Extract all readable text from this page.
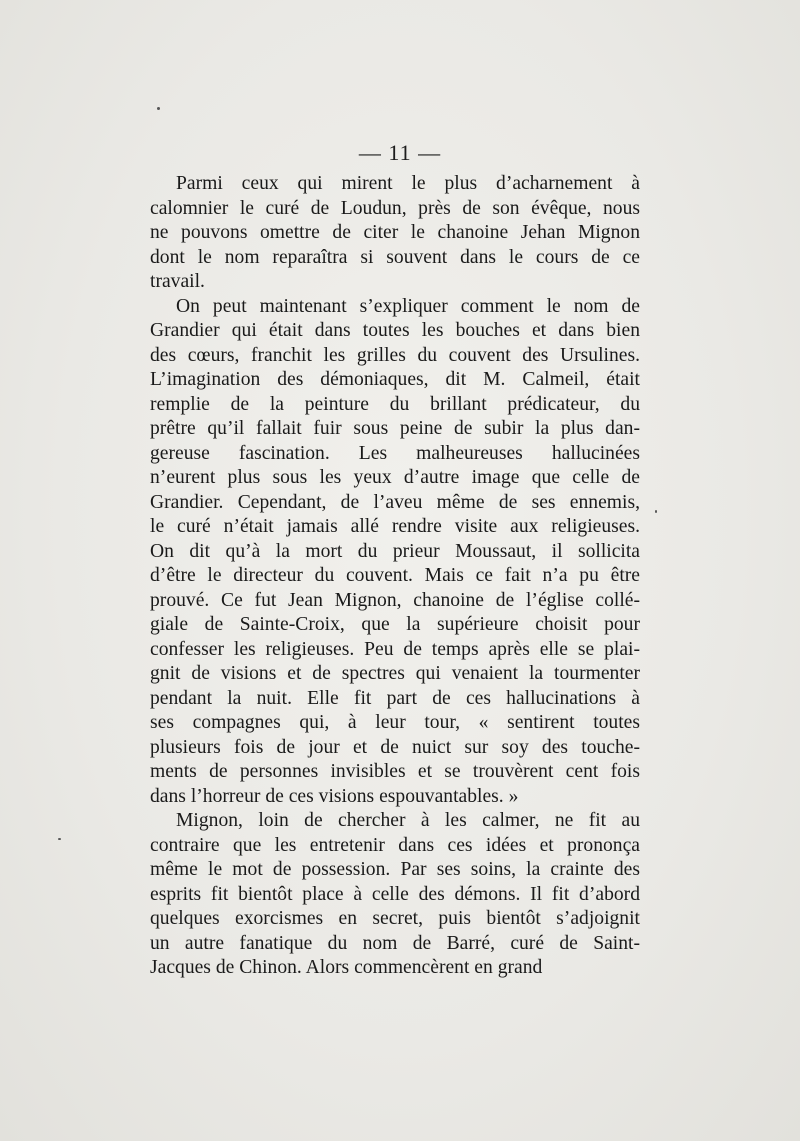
— 11 —
Parmi ceux qui mirent le plus d’acharnement à
calomnier le curé de Loudun, près de son évêque, nous
ne pouvons omettre de citer le chanoine Jehan Mignon
dont le nom reparaîtra si souvent dans le cours de ce
travail.
On peut maintenant s’expliquer comment le nom de
Grandier qui était dans toutes les bouches et dans bien
des cœurs, franchit les grilles du couvent des Ursulines.
L’imagination des démoniaques, dit M. Calmeil, était
remplie de la peinture du brillant prédicateur, du
prêtre qu’il fallait fuir sous peine de subir la plus dan-
gereuse fascination. Les malheureuses hallucinées
n’eurent plus sous les yeux d’autre image que celle de
Grandier. Cependant, de l’aveu même de ses ennemis,
le curé n’était jamais allé rendre visite aux religieuses.
On dit qu’à la mort du prieur Moussaut, il sollicita
d’être le directeur du couvent. Mais ce fait n’a pu être
prouvé. Ce fut Jean Mignon, chanoine de l’église collé-
giale de Sainte-Croix, que la supérieure choisit pour
confesser les religieuses. Peu de temps après elle se plai-
gnit de visions et de spectres qui venaient la tourmenter
pendant la nuit. Elle fit part de ces hallucinations à
ses compagnes qui, à leur tour, « sentirent toutes
plusieurs fois de jour et de nuict sur soy des touche-
ments de personnes invisibles et se trouvèrent cent fois
dans l’horreur de ces visions espouvantables. »
Mignon, loin de chercher à les calmer, ne fit au
contraire que les entretenir dans ces idées et prononça
même le mot de possession. Par ses soins, la crainte des
esprits fit bientôt place à celle des démons. Il fit d’abord
quelques exorcismes en secret, puis bientôt s’adjoignit
un autre fanatique du nom de Barré, curé de Saint-
Jacques de Chinon. Alors commencèrent en grand
